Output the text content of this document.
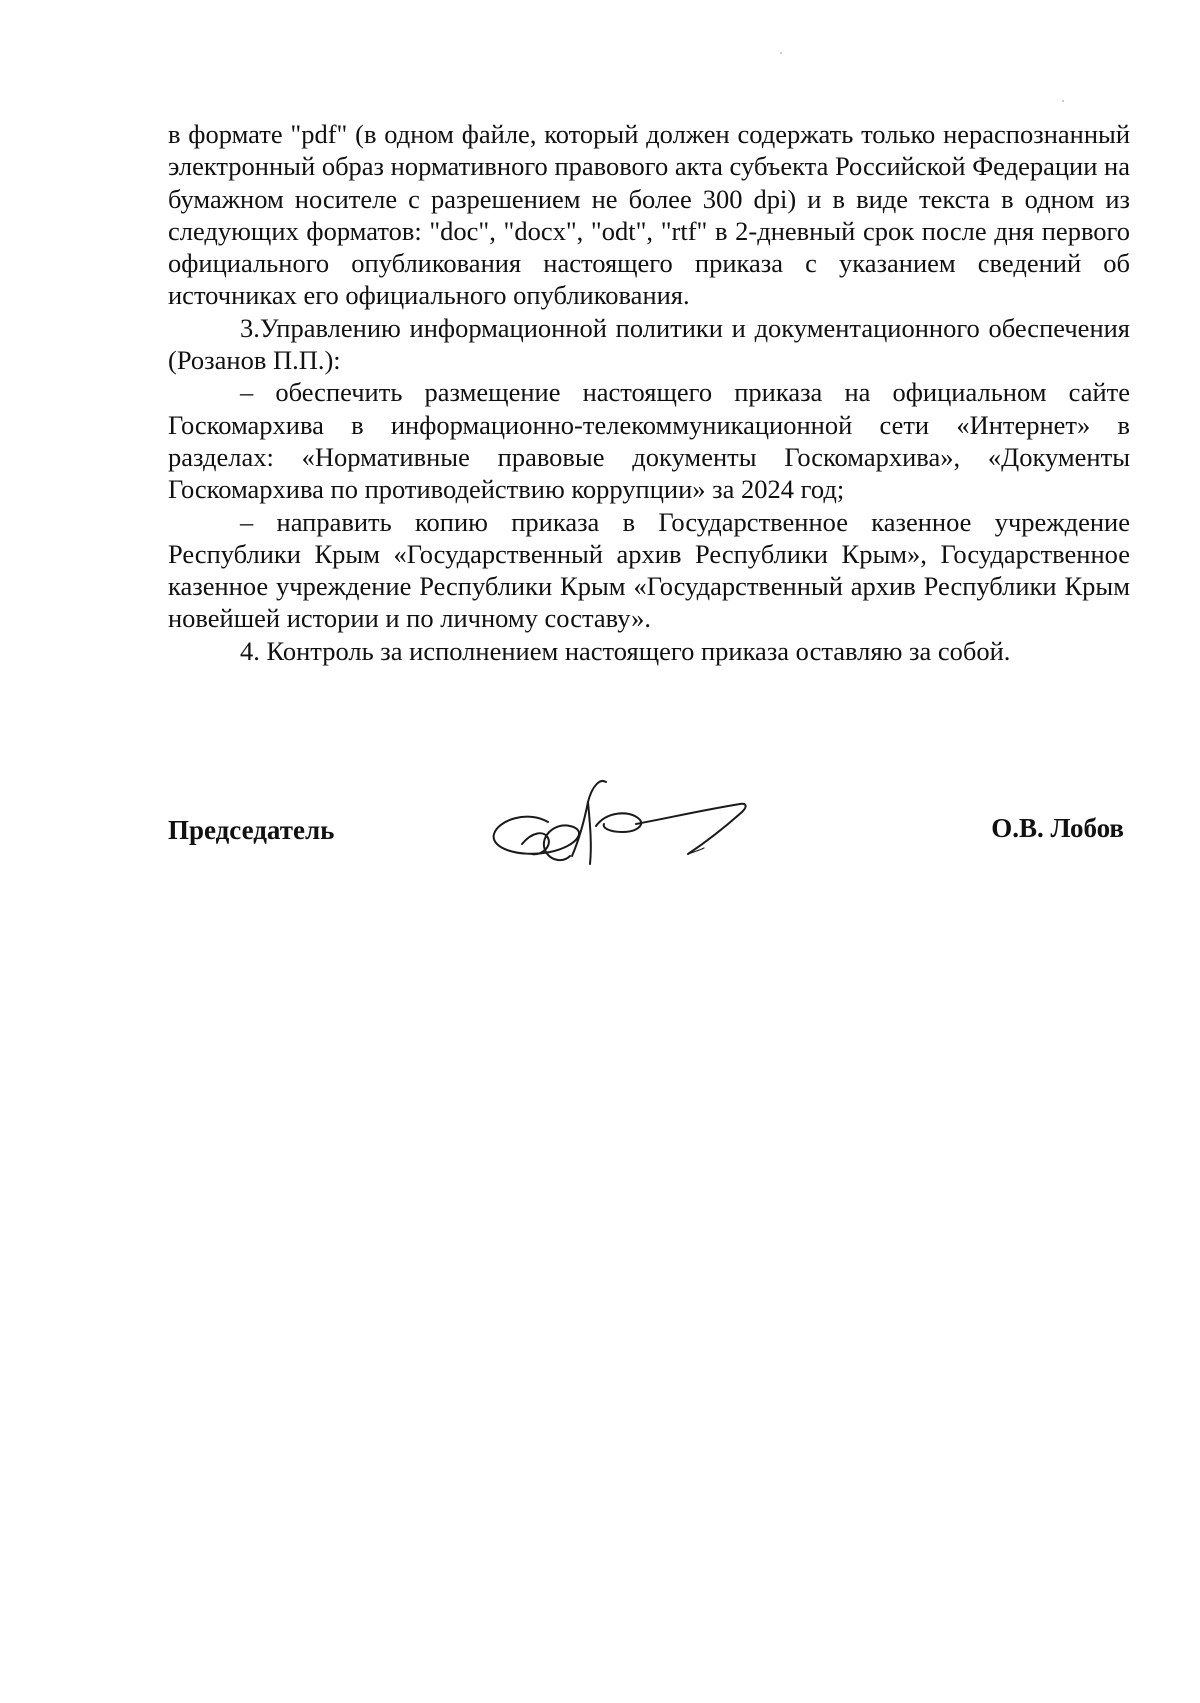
в формате "pdf" (в одном файле, который должен содержать только нераспознанный электронный образ нормативного правового акта субъекта Российской Федерации на бумажном носителе с разрешением не более 300 dpi) и в виде текста в одном из следующих форматов: "doc", "docx", "odt", "rtf" в 2-дневный срок после дня первого официального опубликования настоящего приказа с указанием сведений об источниках его официального опубликования.

3.Управлению информационной политики и документационного обеспечения (Розанов П.П.):

– обеспечить размещение настоящего приказа на официальном сайте Госкомархива в информационно-телекоммуникационной сети «Интернет» в разделах: «Нормативные правовые документы Госкомархива», «Документы Госкомархива по противодействию коррупции» за 2024 год;

– направить копию приказа в Государственное казенное учреждение Республики Крым «Государственный архив Республики Крым», Государственное казенное учреждение Республики Крым «Государственный архив Республики Крым новейшей истории и по личному составу».

4. Контроль за исполнением настоящего приказа оставляю за собой.

Председатель	О.В. Лобов
